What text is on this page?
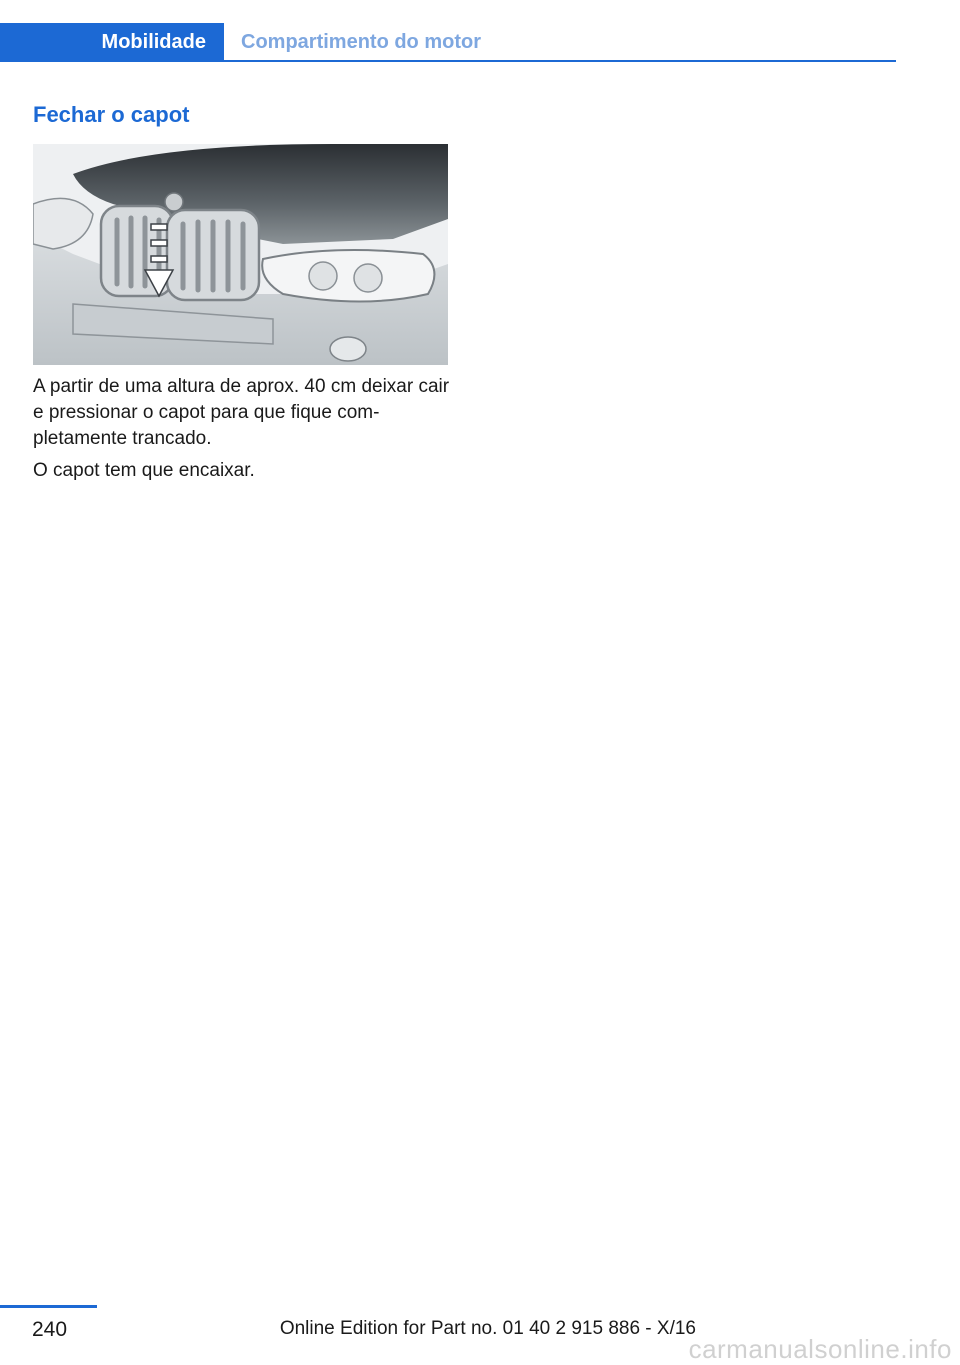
Mobilidade	Compartimento do motor
Fechar o capot

A partir de uma altura de aprox. 40 cm deixar cair e pressionar o capot para que fique completamente trancado.

O capot tem que encaixar.

240	Online Edition for Part no. 01 40 2 915 886 - X/16
carmanualsonline.info
